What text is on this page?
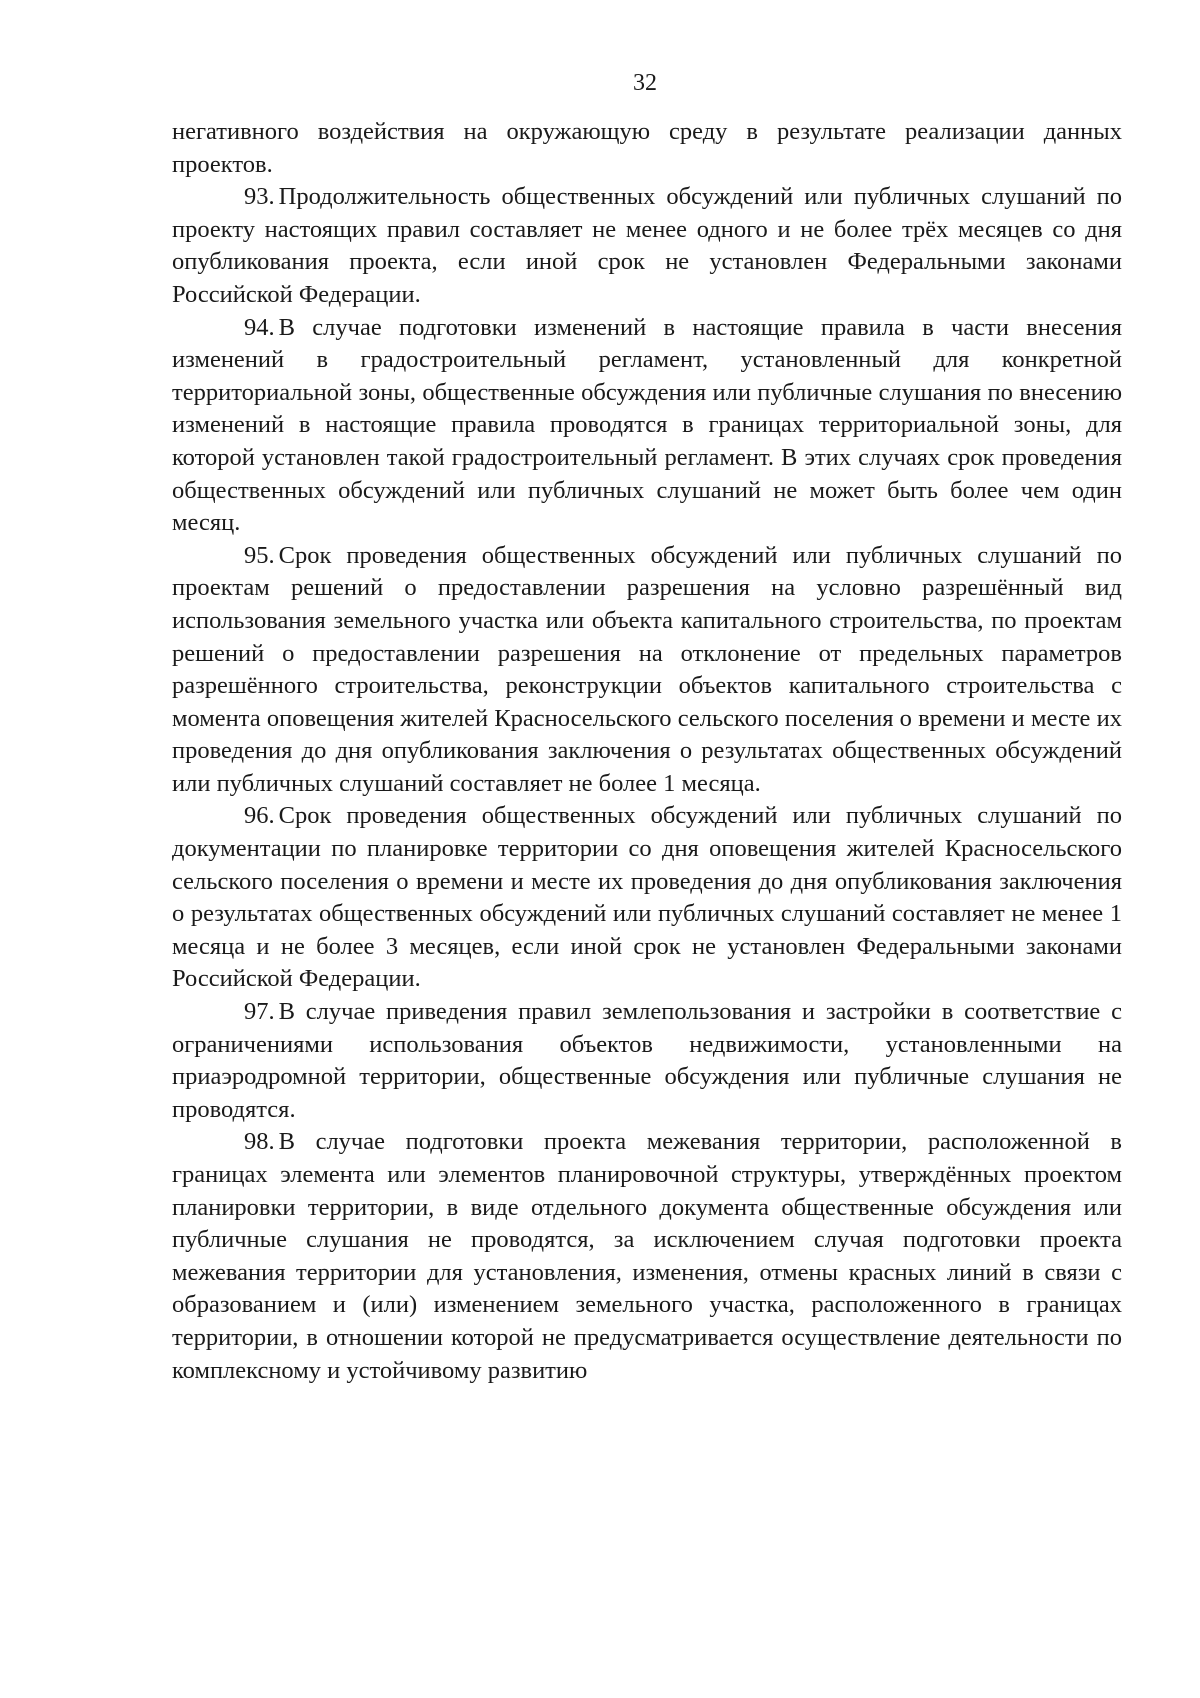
32

негативного воздействия на окружающую среду в результате реализации данных проектов.

93. Продолжительность общественных обсуждений или публичных слушаний по проекту настоящих правил составляет не менее одного и не более трёх месяцев со дня опубликования проекта, если иной срок не установлен Федеральными законами Российской Федерации.

94. В случае подготовки изменений в настоящие правила в части внесения изменений в градостроительный регламент, установленный для конкретной территориальной зоны, общественные обсуждения или публичные слушания по внесению изменений в настоящие правила проводятся в границах территориальной зоны, для которой установлен такой градостроительный регламент. В этих случаях срок проведения общественных обсуждений или публичных слушаний не может быть более чем один месяц.

95. Срок проведения общественных обсуждений или публичных слушаний по проектам решений о предоставлении разрешения на условно разрешённый вид использования земельного участка или объекта капитального строительства, по проектам решений о предоставлении разрешения на отклонение от предельных параметров разрешённого строительства, реконструкции объектов капитального строительства с момента оповещения жителей Красносельского сельского поселения о времени и месте их проведения до дня опубликования заключения о результатах общественных обсуждений или публичных слушаний составляет не более 1 месяца.

96. Срок проведения общественных обсуждений или публичных слушаний по документации по планировке территории со дня оповещения жителей Красносельского сельского поселения о времени и месте их проведения до дня опубликования заключения о результатах общественных обсуждений или публичных слушаний составляет не менее 1 месяца и не более 3 месяцев, если иной срок не установлен Федеральными законами Российской Федерации.

97. В случае приведения правил землепользования и застройки в соответствие с ограничениями использования объектов недвижимости, установленными на приаэродромной территории, общественные обсуждения или публичные слушания не проводятся.

98. В случае подготовки проекта межевания территории, расположенной в границах элемента или элементов планировочной структуры, утверждённых проектом планировки территории, в виде отдельного документа общественные обсуждения или публичные слушания не проводятся, за исключением случая подготовки проекта межевания территории для установления, изменения, отмены красных линий в связи с образованием и (или) изменением земельного участка, расположенного в границах территории, в отношении которой не предусматривается осуществление деятельности по комплексному и устойчивому развитию
